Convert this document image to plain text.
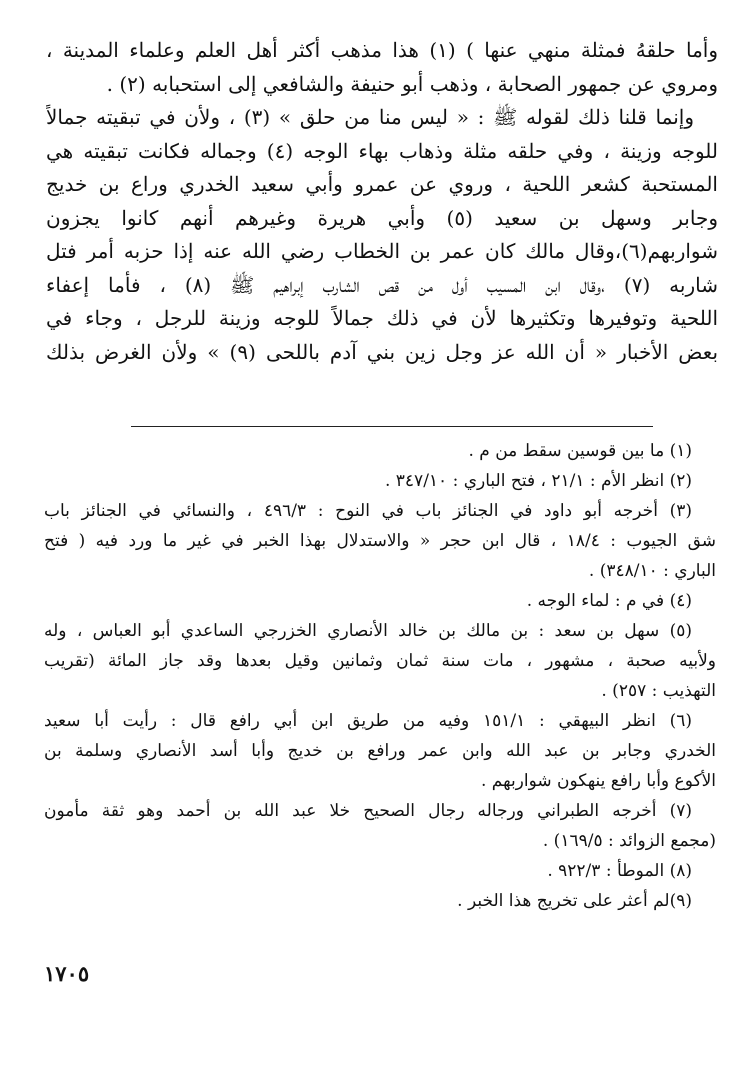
وأما حلقهُ فمثلة منهي عنها ) (١) هذا مذهب أكثر أهل العلم وعلماء المدينة ،
ومروي عن جمهور الصحابة ، وذهب أبو حنيفة والشافعي إلى استحبابه (٢) .
وإنما قلنا ذلك لقوله ﷺ : « ليس منا من حلق » (٣) ، ولأن في تبقيته جمالاً
للوجه وزينة ، وفي حلقه مثلة وذهاب بهاء الوجه (٤) وجماله فكانت تبقيته هي
المستحبة كشعر اللحية ، وروي عن عمرو وأبي سعيد الخدري وراع بن خديج
وجابر وسهل بن سعيد (٥) وأبي هريرة وغيرهم أنهم كانوا يجزون
شواربهم(٦)،وقال مالك كان عمر بن الخطاب رضي الله عنه إذا حزبه أمر فتل
شاربه (٧) ،وقال ابن المسيب أول من قص الشارب إبراهيم ﷺ (٨) ، فأما إعفاء
اللحية وتوفيرها وتكثيرها لأن في ذلك جمالاً للوجه وزينة للرجل ، وجاء في
بعض الأخبار « أن الله عز وجل زين بني آدم باللحى (٩) » ولأن الغرض بذلك
(١) ما بين قوسين سقط من م .
(٢) انظر الأم : ٢١/١ ، فتح الباري : ٣٤٧/١٠ .
(٣) أخرجه أبو داود في الجنائز باب في النوح : ٤٩٦/٣ ، والنسائي في الجنائز باب
شق الجيوب : ١٨/٤ ، قال ابن حجر « والاستدلال بهذا الخبر في غير ما ورد فيه ( فتح
الباري : ٣٤٨/١٠) .
(٤) في م : لماء الوجه .
(٥) سهل بن سعد : بن مالك بن خالد الأنصاري الخزرجي الساعدي أبو العباس ، وله
ولأبيه صحبة ، مشهور ، مات سنة ثمان وثمانين وقيل بعدها وقد جاز المائة (تقريب
التهذيب : ٢٥٧) .
(٦) انظر البيهقي : ١٥١/١ وفيه من طريق ابن أبي رافع قال : رأيت أبا سعيد
الخدري وجابر بن عبد الله وابن عمر ورافع بن خديج وأبا أسد الأنصاري وسلمة بن
الأكوع وأبا رافع ينهكون شواربهم .
(٧) أخرجه الطبراني ورجاله رجال الصحيح خلا عبد الله بن أحمد وهو ثقة مأمون
(مجمع الزوائد : ١٦٩/٥) .
(٨) الموطأ : ٩٢٢/٣ .
(٩)لم أعثر على تخريج هذا الخبر .
١٧٠٥
